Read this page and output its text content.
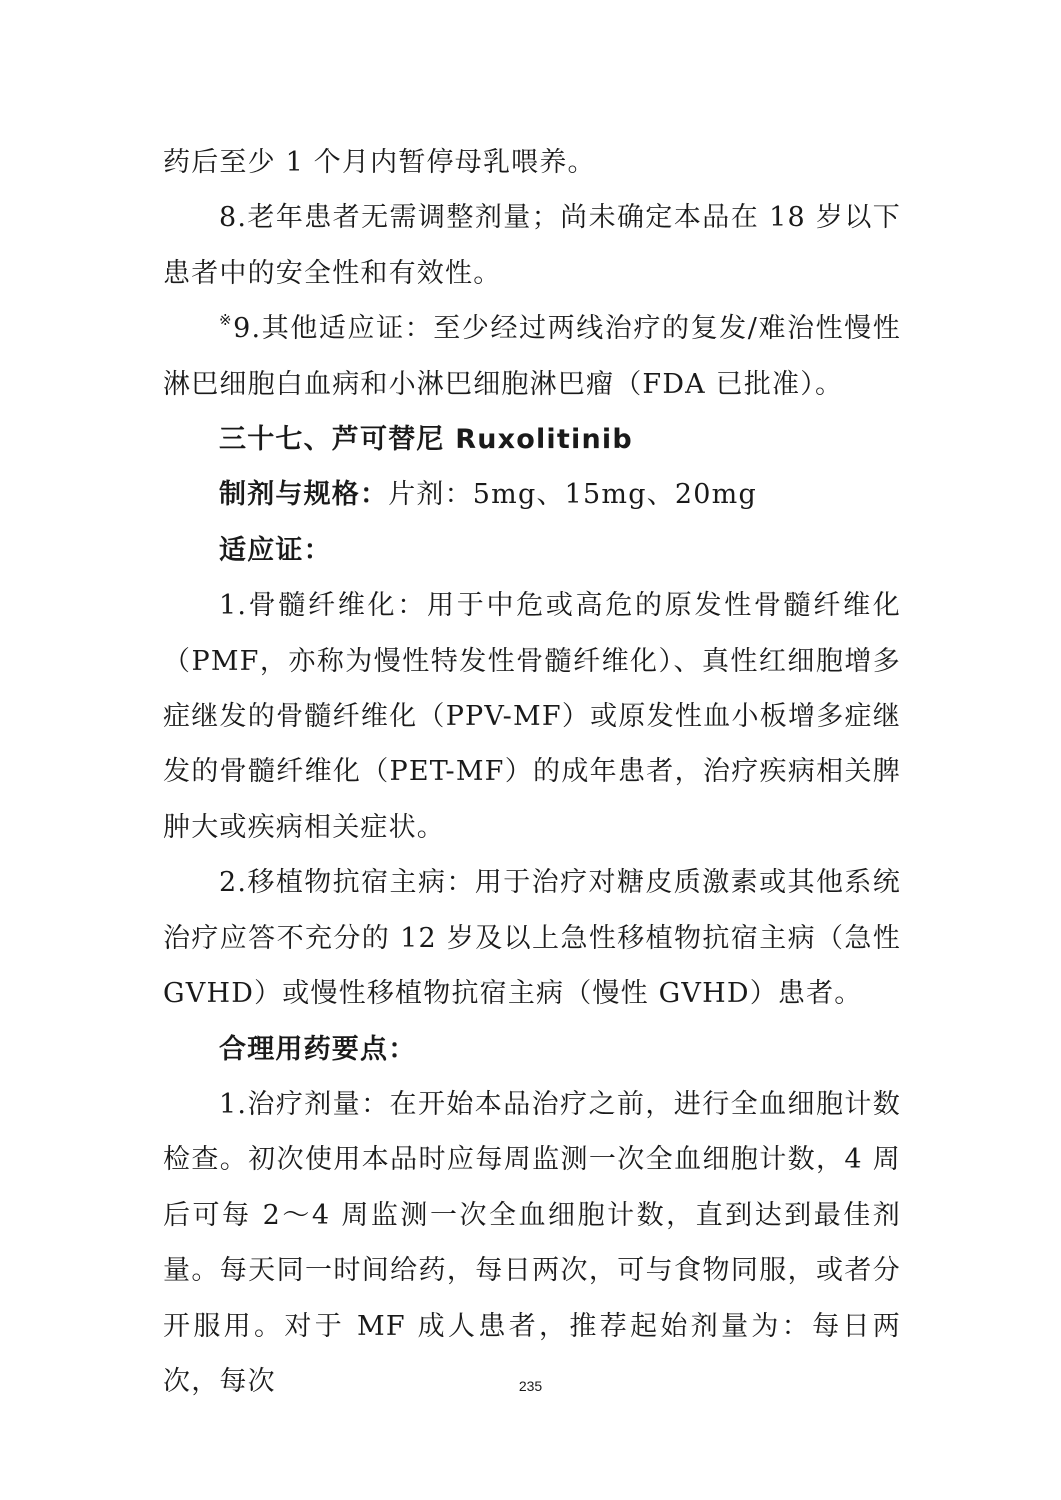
药后至少 1 个月内暂停母乳喂养。

8.老年患者无需调整剂量；尚未确定本品在 18 岁以下患者中的安全性和有效性。

※9.其他适应证：至少经过两线治疗的复发/难治性慢性淋巴细胞白血病和小淋巴细胞淋巴瘤（FDA 已批准）。

三十七、芦可替尼 Ruxolitinib

制剂与规格：片剂：5mg、15mg、20mg

适应证：

1.骨髓纤维化：用于中危或高危的原发性骨髓纤维化（PMF，亦称为慢性特发性骨髓纤维化）、真性红细胞增多症继发的骨髓纤维化（PPV-MF）或原发性血小板增多症继发的骨髓纤维化（PET-MF）的成年患者，治疗疾病相关脾肿大或疾病相关症状。

2.移植物抗宿主病：用于治疗对糖皮质激素或其他系统治疗应答不充分的 12 岁及以上急性移植物抗宿主病（急性 GVHD）或慢性移植物抗宿主病（慢性 GVHD）患者。

合理用药要点：

1.治疗剂量：在开始本品治疗之前，进行全血细胞计数检查。初次使用本品时应每周监测一次全血细胞计数，4 周后可每 2～4 周监测一次全血细胞计数，直到达到最佳剂量。每天同一时间给药，每日两次，可与食物同服，或者分开服用。对于 MF 成人患者，推荐起始剂量为：每日两次，每次	235
